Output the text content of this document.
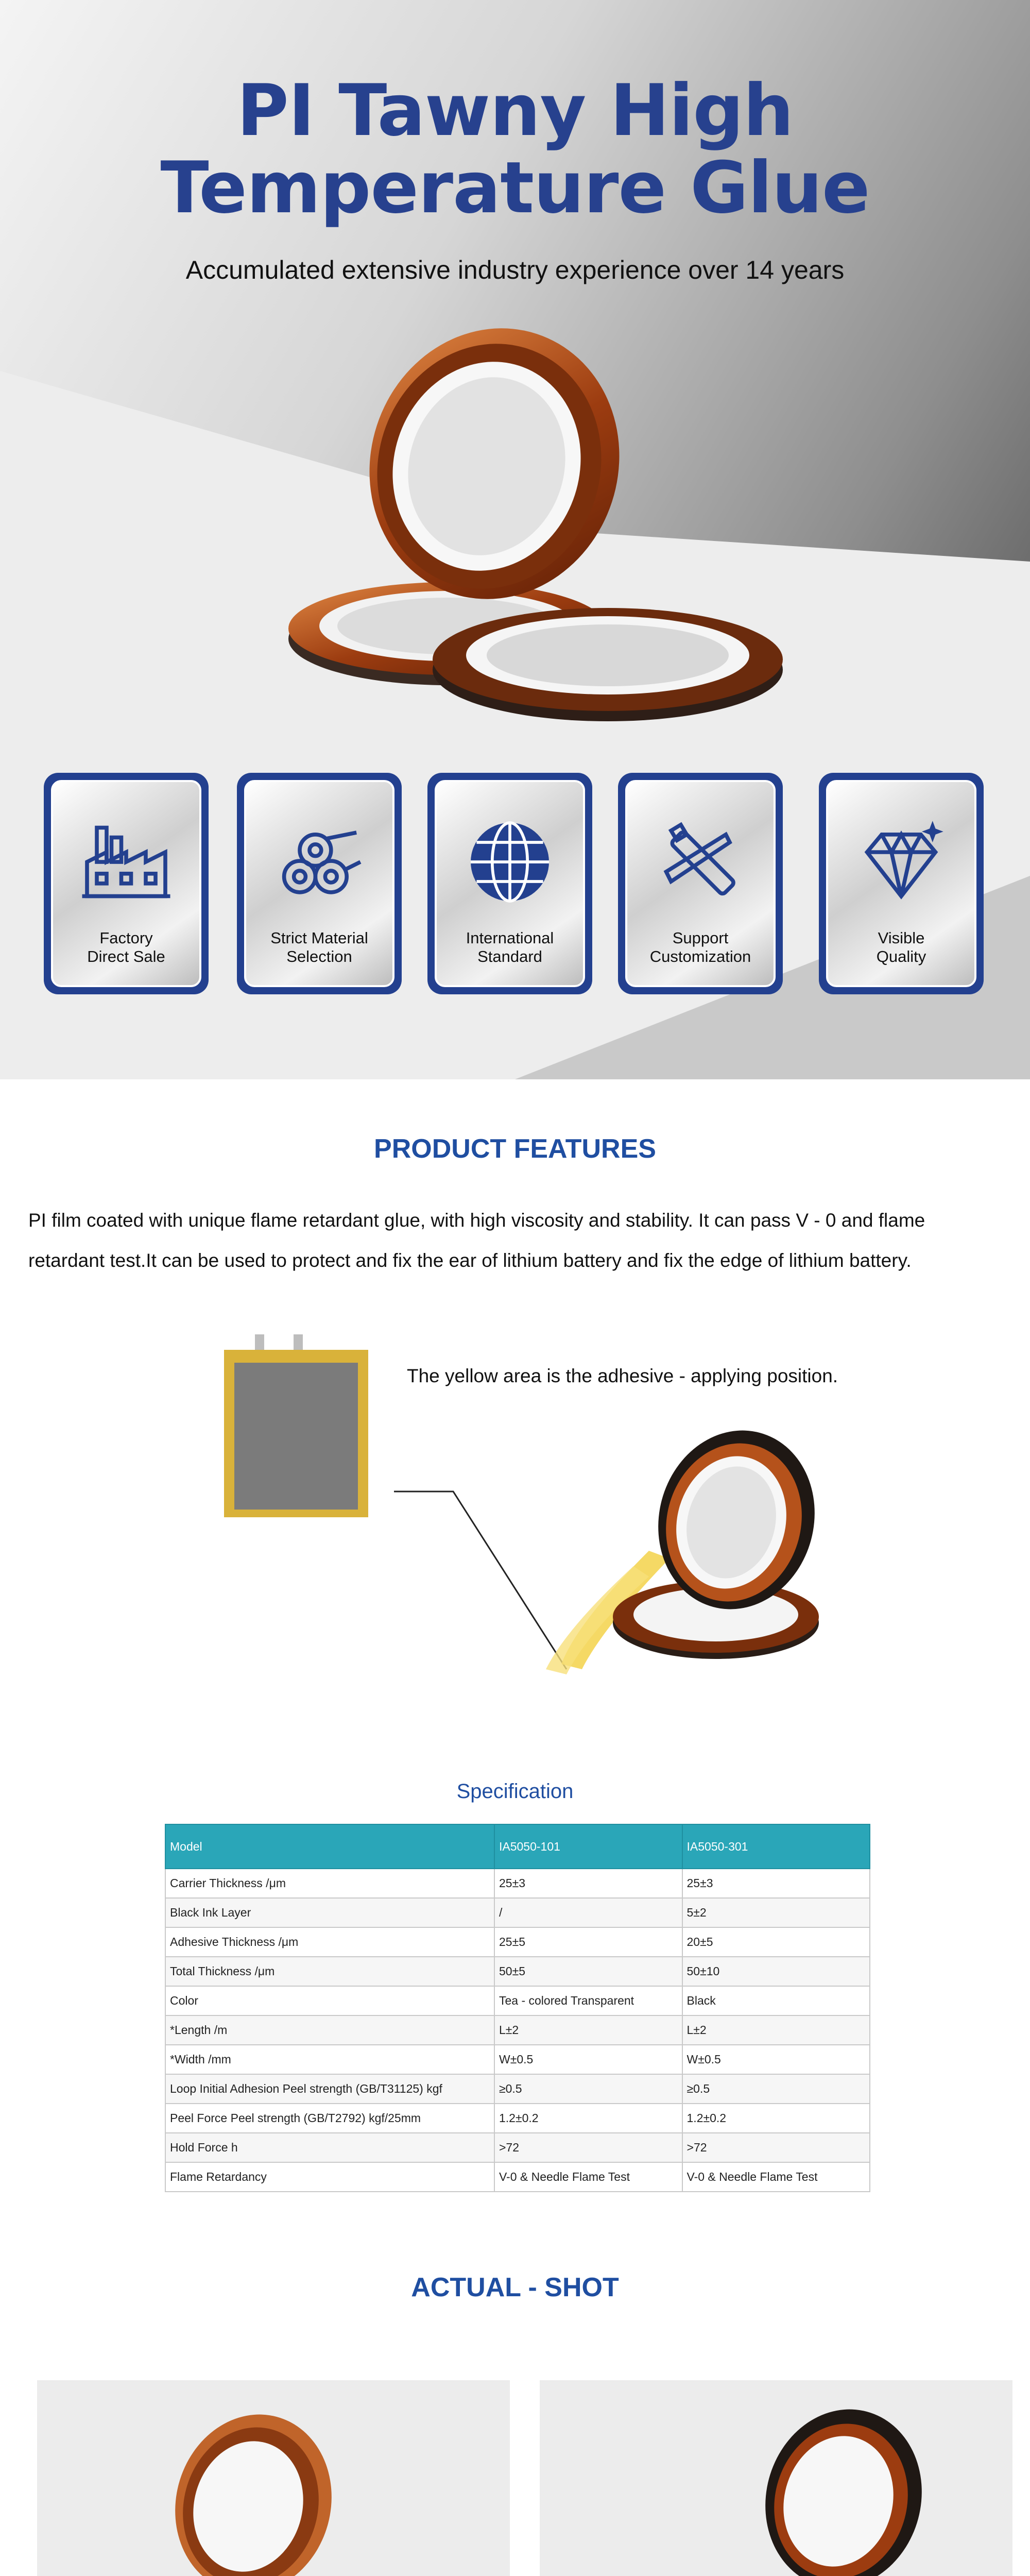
PI Tawny High
Temperature Glue
Accumulated extensive industry experience over 14 years
Factory
Direct Sale
Strict Material
Selection
International
Standard
Support
Customization
Visible
Quality
PRODUCT FEATURES
PI film coated with unique flame retardant glue, with high viscosity and stability. It can pass V - 0 and flame retardant test.It can be used to protect and fix the ear of lithium battery and fix the edge of lithium battery.
The yellow area is the adhesive - applying position.
Specification
Model	IA5050-101	IA5050-301
Carrier Thickness /μm	25±3	25±3
Black Ink Layer	/	5±2
Adhesive Thickness /μm	25±5	20±5
Total Thickness /μm	50±5	50±10
Color	Tea - colored Transparent	Black
*Length /m	L±2	L±2
*Width /mm	W±0.5	W±0.5
Loop Initial Adhesion Peel strength (GB/T31125) kgf	≥0.5	≥0.5
Peel Force Peel strength (GB/T2792) kgf/25mm	1.2±0.2	1.2±0.2
Hold Force h	>72	>72
Flame Retardancy	V-0 & Needle Flame Test	V-0 & Needle Flame Test
ACTUAL - SHOT
